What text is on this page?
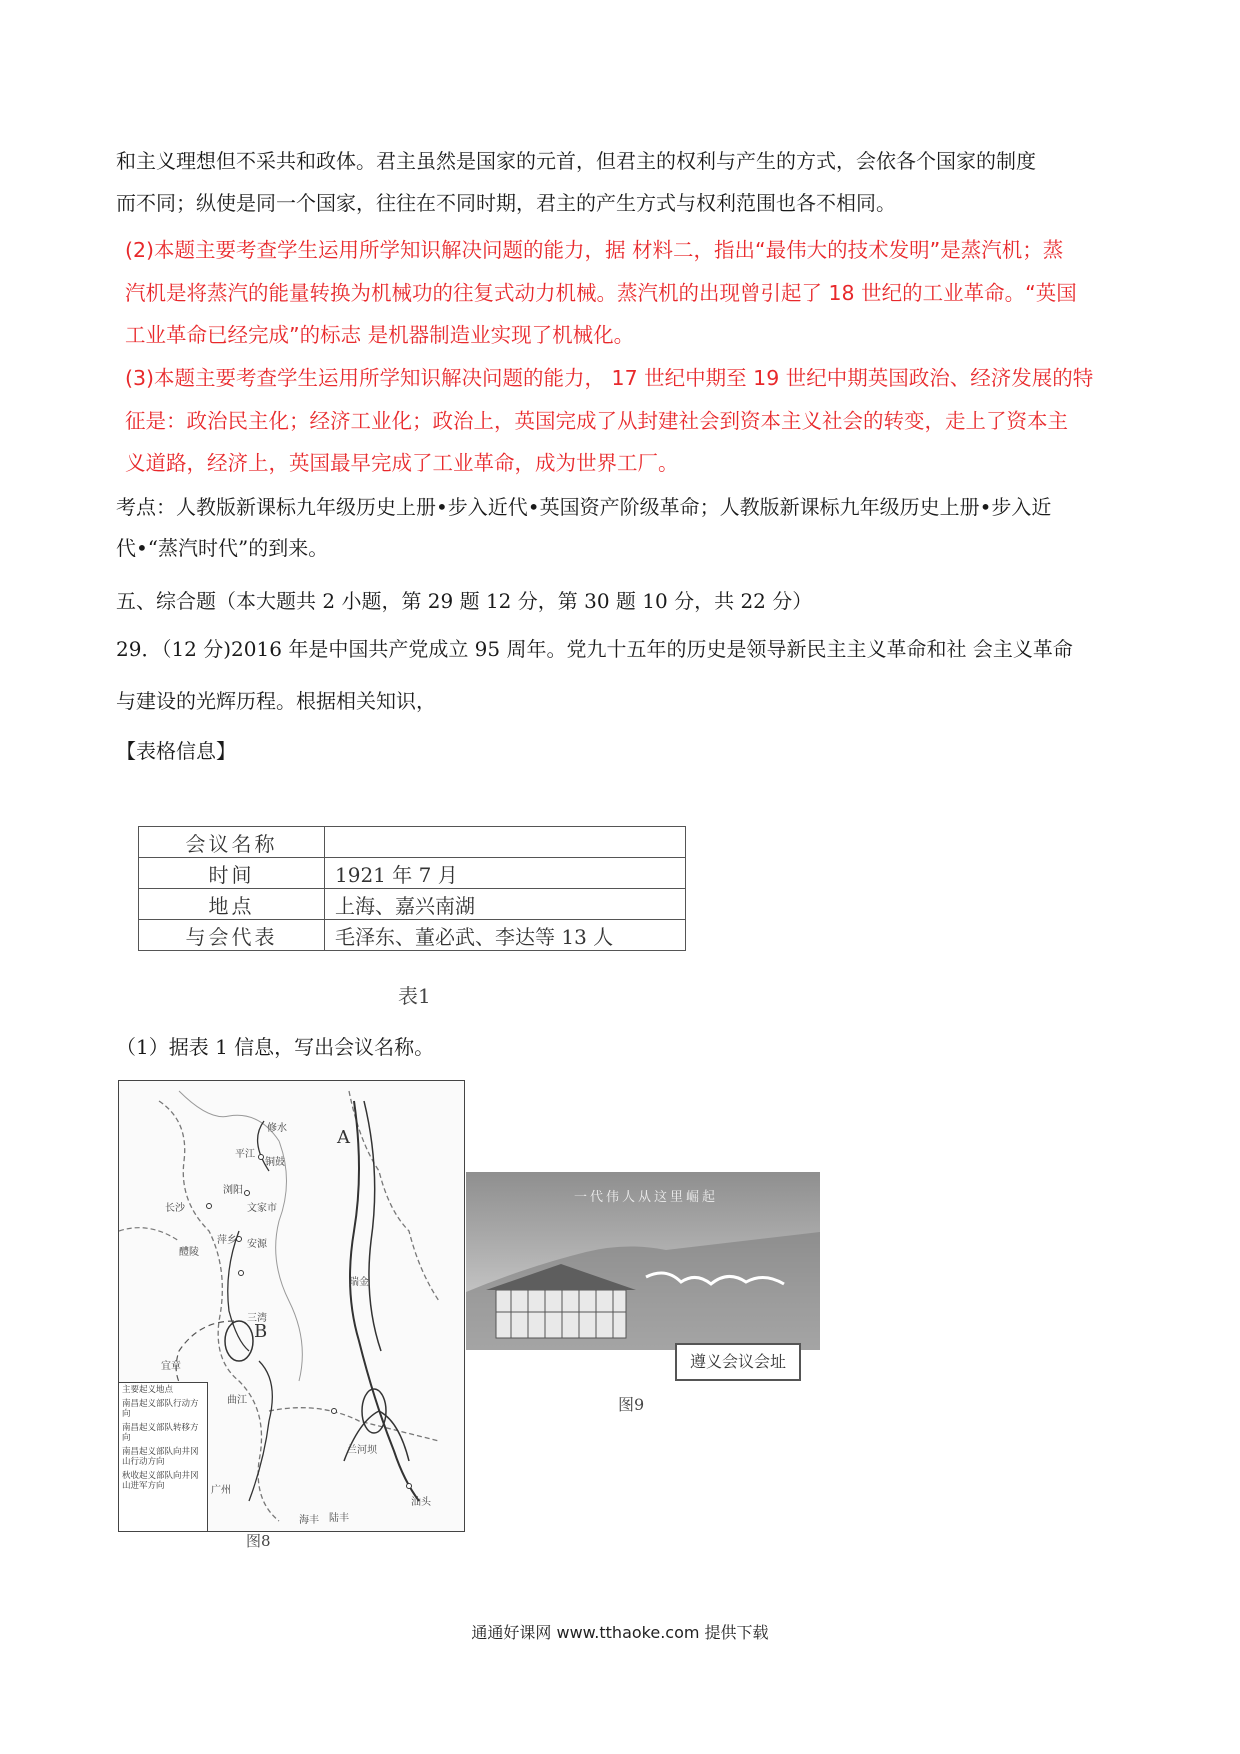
和主义理想但不采共和政体。君主虽然是国家的元首，但君主的权利与产生的方式，会依各个国家的制度
而不同；纵使是同一个国家，往往在不同时期，君主的产生方式与权利范围也各不相同。
(2)本题主要考查学生运用所学知识解决问题的能力，据 材料二，指出“最伟大的技术发明”是蒸汽机；蒸
汽机是将蒸汽的能量转换为机械功的往复式动力机械。蒸汽机的出现曾引起了 18 世纪的工业革命。“英国
工业革命已经完成”的标志 是机器制造业实现了机械化。
(3)本题主要考查学生运用所学知识解决问题的能力， 17 世纪中期至 19 世纪中期英国政治、经济发展的特
征是：政治民主化；经济工业化；政治上，英国完成了从封建社会到资本主义社会的转变，走上了资本主
义道路，经济上，英国最早完成了工业革命，成为世界工厂。
考点：人教版新课标九年级历史上册•步入近代•英国资产阶级革命；人教版新课标九年级历史上册•步入近
代•“蒸汽时代”的到来。
五、综合题（本大题共 2 小题，第 29 题 12 分，第 30 题 10 分，共 22 分）
29．（12 分)2016 年是中国共产党成立 95 周年。党九十五年的历史是领导新民主主义革命和社 会主义革命
与建设的光辉历程。根据相关知识，
【表格信息】
会议名称	
时间	1921 年 7 月
地点	上海、嘉兴南湖
与会代表	毛泽东、董必武、李达等 13 人
表1
（1）据表 1 信息，写出会议名称。
A
B
修水
平江
铜鼓
浏阳
长沙	文家市
萍乡
醴陵
安源
三湾
宜章
曲江
广州
兰河坝
陆丰
海丰
汕头
瑞金
主要起义地点
南昌起义部队行动方向
南昌起义部队转移方向
南昌起义部队向井冈山行动方向
秋收起义部队向井冈山进军方向
图8
一代伟人从这里崛起
遵义会议会址
图9
通通好课网 www.tthaoke.com 提供下载
